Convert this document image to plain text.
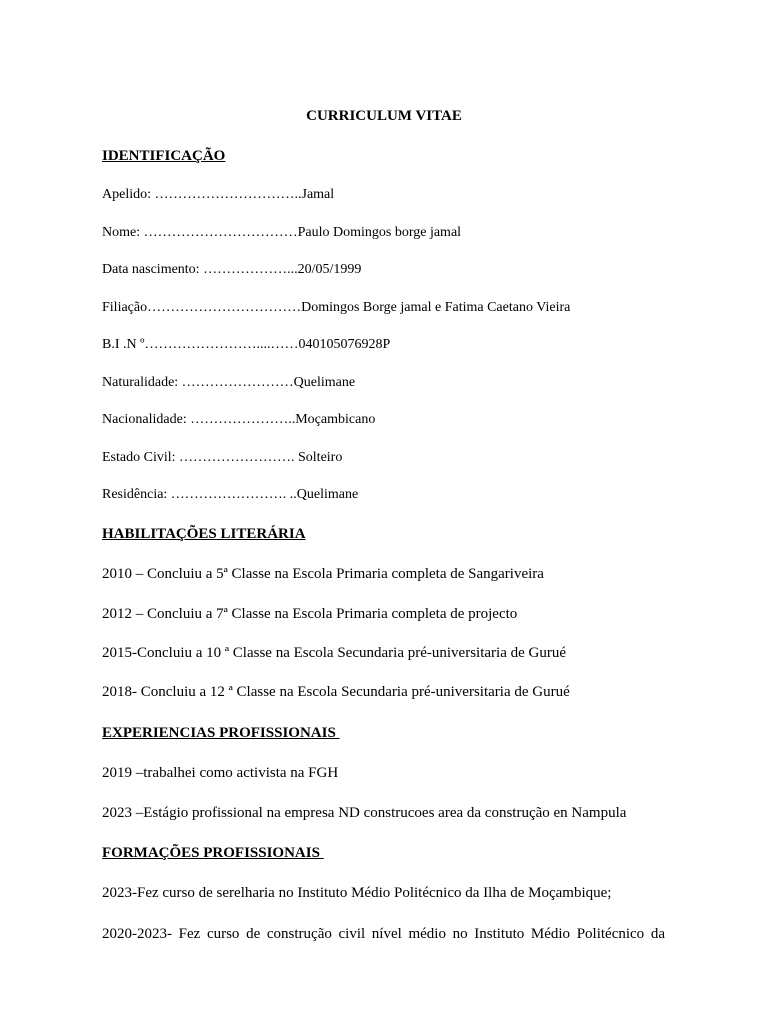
CURRICULUM VITAE

IDENTIFICAÇÃO

Apelido: …………………………..Jamal

Nome: ……………………………Paulo Domingos borge jamal

Data nascimento: ………………...20/05/1999

Filiação……………………………Domingos Borge jamal e Fatima Caetano Vieira

B.I .N º……………………....……040105076928P

Naturalidade: ……………………Quelimane

Nacionalidade: …………………..Moçambicano

Estado Civil: ……………………. Solteiro

Residência: ……………………. ..Quelimane

HABILITAÇÕES LITERÁRIA

2010 – Concluiu a 5ª Classe na Escola Primaria completa de Sangariveira

2012 – Concluiu a 7ª Classe na Escola Primaria completa de projecto

2015-Concluiu a 10 ª Classe na Escola Secundaria pré-universitaria de Gurué

2018- Concluiu a 12 ª Classe na Escola Secundaria pré-universitaria de Gurué

EXPERIENCIAS PROFISSIONAIS

2019 –trabalhei como activista na FGH

2023 –Estágio profissional na empresa ND construcoes area da construção en Nampula

FORMAÇÕES PROFISSIONAIS

2023-Fez curso de serelharia no Instituto Médio Politécnico da Ilha de Moçambique;

2020-2023- Fez curso de construção civil nível médio no Instituto Médio Politécnico da
